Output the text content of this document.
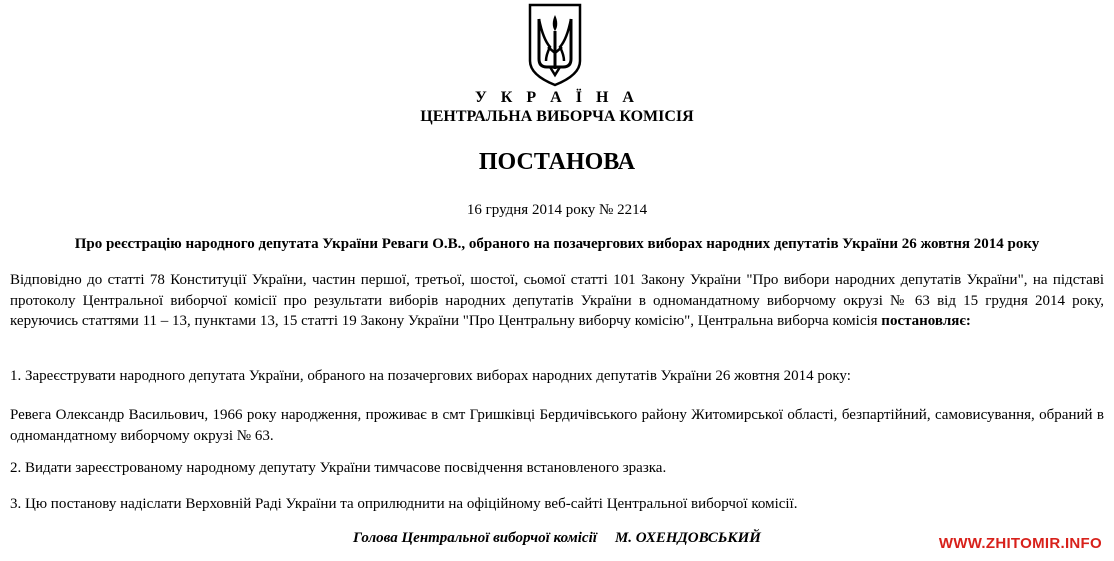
У К Р А Ї Н А
ЦЕНТРАЛЬНА ВИБОРЧА КОМІСІЯ
ПОСТАНОВА
16 грудня 2014 року № 2214
Про реєстрацію народного депутата України Реваги О.В., обраного на позачергових виборах народних депутатів України 26 жовтня 2014 року
Відповідно до статті 78 Конституції України, частин першої, третьої, шостої, сьомої статті 101 Закону України "Про вибори народних депутатів України", на підставі протоколу Центральної виборчої комісії про результати виборів народних депутатів України в одномандатному виборчому окрузі № 63 від 15 грудня 2014 року, керуючись статтями 11 – 13, пунктами 13, 15 статті 19 Закону України "Про Центральну виборчу комісію", Центральна виборча комісія постановляє:
1. Зареєструвати народного депутата України, обраного на позачергових виборах народних депутатів України 26 жовтня 2014 року:
Ревега Олександр Васильович, 1966 року народження, проживає в смт Гришківці Бердичівського району Житомирської області, безпартійний, самовисування, обраний в одномандатному виборчому окрузі № 63.
2. Видати зареєстрованому народному депутату України тимчасове посвідчення встановленого зразка.
3. Цю постанову надіслати Верховній Раді України та оприлюднити на офіційному веб-сайті Центральної виборчої комісії.
Голова Центральної виборчої комісії М. ОХЕНДОВСЬКИЙ	WWW.ZHITOMIR.INFO
